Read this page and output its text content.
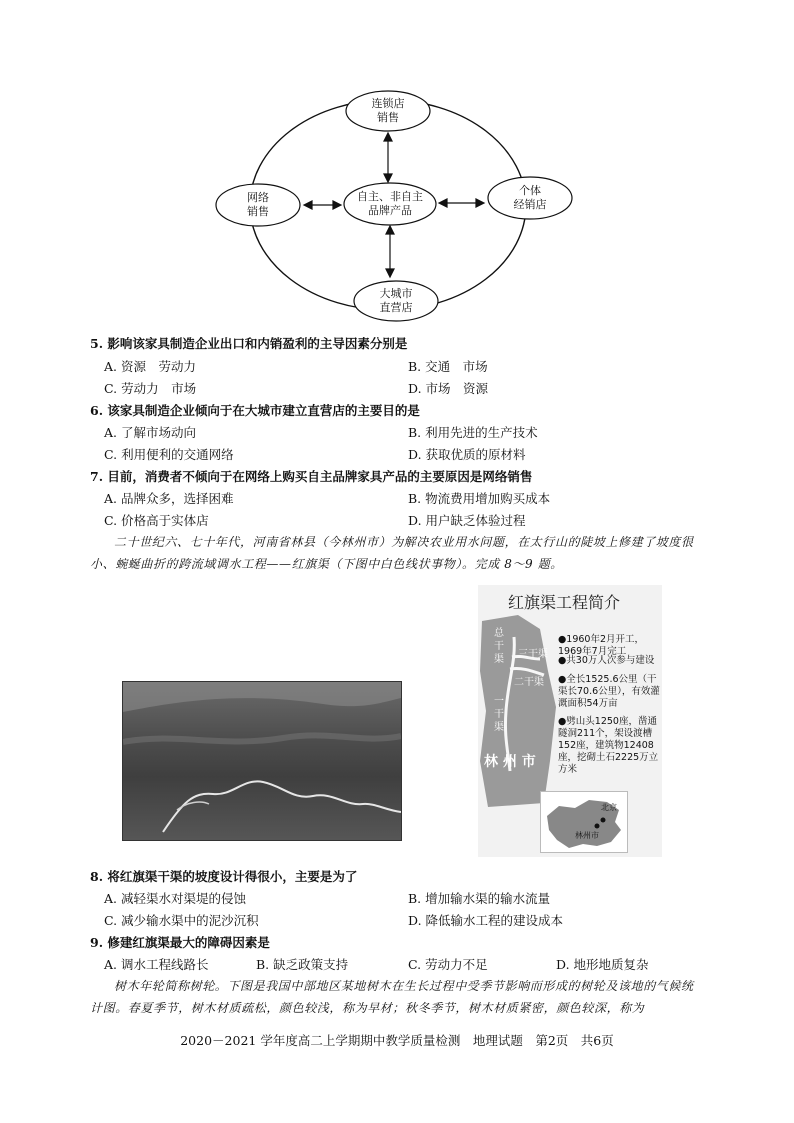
连锁店
销售
网络
销售
自主、非自主
品牌产品
个体
经销店
大城市
直营店
5. 影响该家具制造企业出口和内销盈利的主导因素分别是
A. 资源　劳动力	B. 交通　市场
C. 劳动力　市场	D. 市场　资源
6. 该家具制造企业倾向于在大城市建立直营店的主要目的是
A. 了解市场动向	B. 利用先进的生产技术
C. 利用便利的交通网络	D. 获取优质的原材料
7. 目前，消费者不倾向于在网络上购买自主品牌家具产品的主要原因是网络销售
A. 品牌众多，选择困难	B. 物流费用增加购买成本
C. 价格高于实体店	D. 用户缺乏体验过程
二十世纪六、七十年代，河南省林县（今林州市）为解决农业用水问题，在太行山的陡坡上修建了坡度很小、蜿蜒曲折的跨流域调水工程——红旗渠（下图中白色线状事物）。完成 8～9 题。
红旗渠工程简介
总干渠 三干渠
二干渠
一干渠
林 州 市

●1960年2月开工，
1969年7月完工

●共30万人次参与建设
●全长1525.6公里（干渠长70.6公里），有效灌溉面积54万亩
●劈山头1250座，凿通隧洞211个，架设渡槽152座，建筑物12408座，挖砌土石2225万立方米
北京
林州市
8. 将红旗渠干渠的坡度设计得很小，主要是为了
A. 减轻渠水对渠堤的侵蚀	B. 增加输水渠的输水流量
C. 减少输水渠中的泥沙沉积	D. 降低输水工程的建设成本
9. 修建红旗渠最大的障碍因素是
A. 调水工程线路长	B. 缺乏政策支持	C. 劳动力不足	D. 地形地质复杂
树木年轮简称树轮。下图是我国中部地区某地树木在生长过程中受季节影响而形成的树轮及该地的气候统计图。春夏季节，树木材质疏松，颜色较浅，称为早材；秋冬季节，树木材质紧密，颜色较深，称为
2020－2021 学年度高二上学期期中教学质量检测　地理试题　第2页　共6页
